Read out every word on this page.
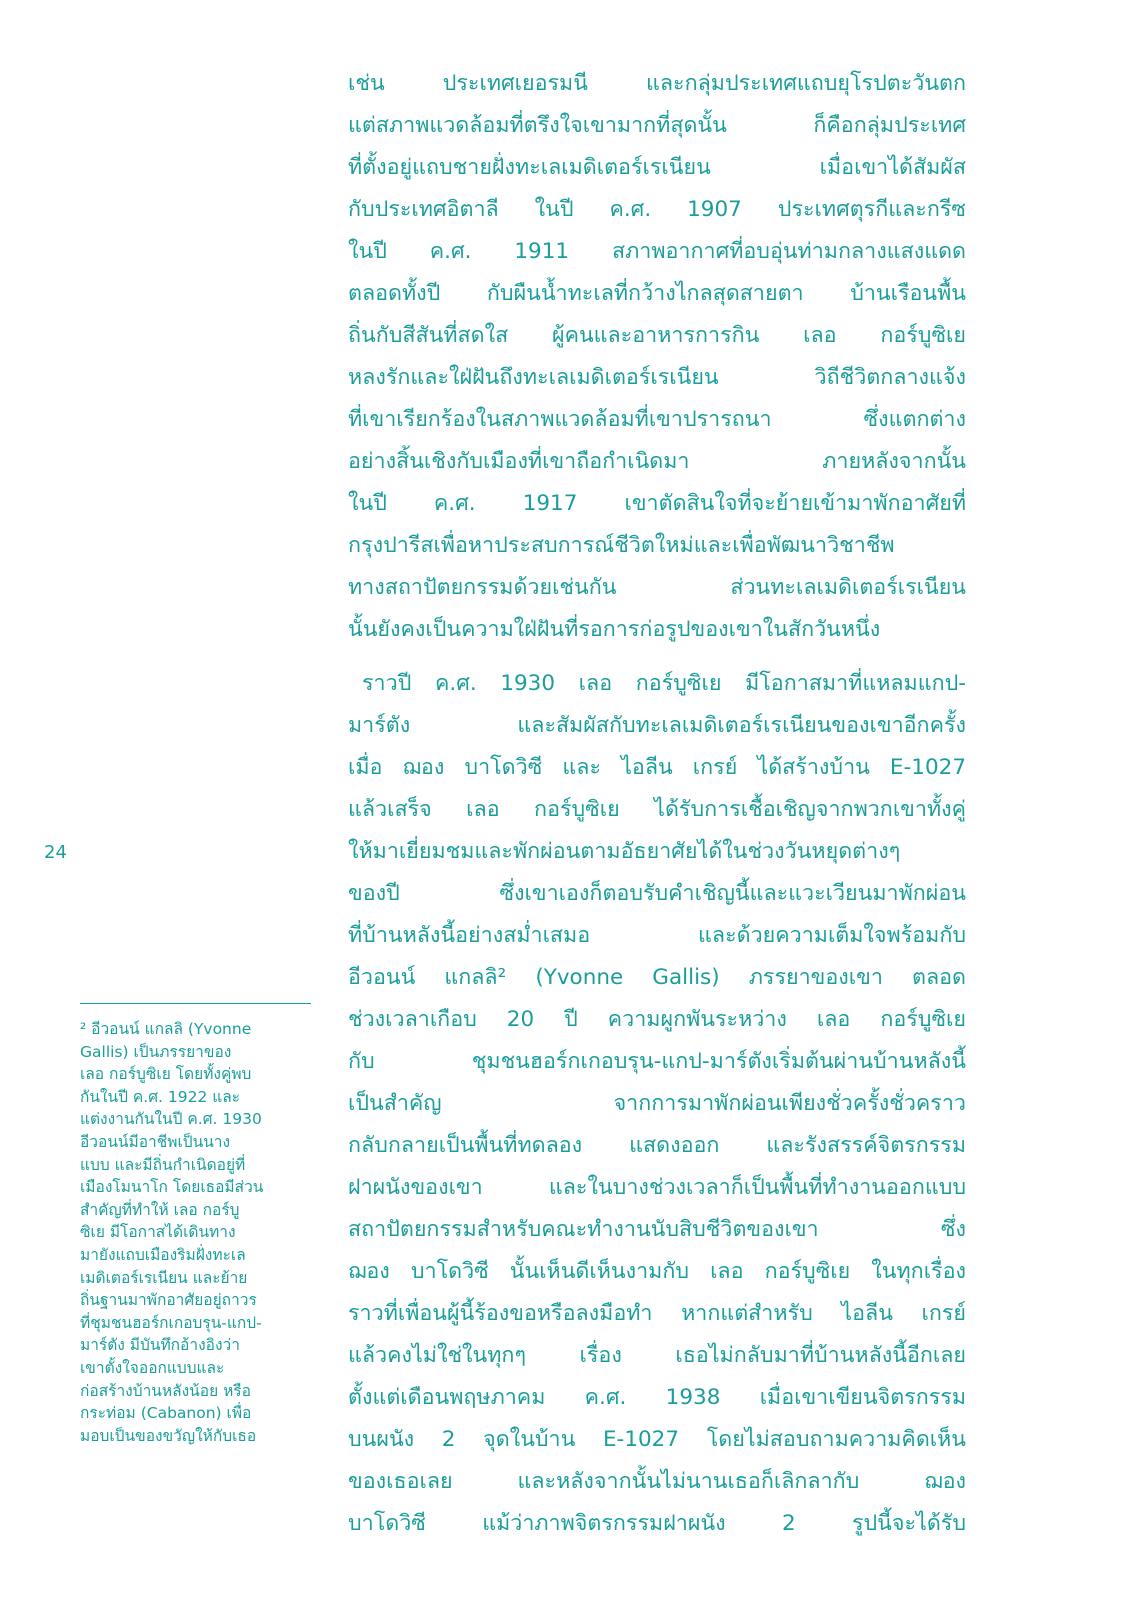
เช่น ประเทศเยอรมนี และกลุ่มประเทศแถบยุโรปตะวันตก
แต่สภาพแวดล้อมที่ตรึงใจเขามากที่สุดนั้น ก็คือกลุ่มประเทศ
ที่ตั้งอยู่แถบชายฝั่งทะเลเมดิเตอร์เรเนียน เมื่อเขาได้สัมผัส
กับประเทศอิตาลี ในปี ค.ศ. 1907 ประเทศตุรกีและกรีซ
ในปี ค.ศ. 1911 สภาพอากาศที่อบอุ่นท่ามกลางแสงแดด
ตลอดทั้งปี กับผืนน้ำทะเลที่กว้างไกลสุดสายตา บ้านเรือนพื้น
ถิ่นกับสีสันที่สดใส ผู้คนและอาหารการกิน เลอ กอร์บูซิเย
หลงรักและใฝ่ฝันถึงทะเลเมดิเตอร์เรเนียน วิถีชีวิตกลางแจ้ง
ที่เขาเรียกร้องในสภาพแวดล้อมที่เขาปรารถนา ซึ่งแตกต่าง
อย่างสิ้นเชิงกับเมืองที่เขาถือกำเนิดมา ภายหลังจากนั้น
ในปี ค.ศ. 1917 เขาตัดสินใจที่จะย้ายเข้ามาพักอาศัยที่
กรุงปารีสเพื่อหาประสบการณ์ชีวิตใหม่และเพื่อพัฒนาวิชาชีพ
ทางสถาปัตยกรรมด้วยเช่นกัน ส่วนทะเลเมดิเตอร์เรเนียน
นั้นยังคงเป็นความใฝ่ฝันที่รอการก่อรูปของเขาในสักวันหนึ่ง
ราวปี ค.ศ. 1930 เลอ กอร์บูซิเย มีโอกาสมาที่แหลมแกป-
มาร์ตัง และสัมผัสกับทะเลเมดิเตอร์เรเนียนของเขาอีกครั้ง
เมื่อ ฌอง บาโดวิซี และ ไอลีน เกรย์ ได้สร้างบ้าน E-1027
แล้วเสร็จ เลอ กอร์บูซิเย ได้รับการเชื้อเชิญจากพวกเขาทั้งคู่
ให้มาเยี่ยมชมและพักผ่อนตามอัธยาศัยได้ในช่วงวันหยุดต่างๆ
ของปี ซึ่งเขาเองก็ตอบรับคำเชิญนี้และแวะเวียนมาพักผ่อน
ที่บ้านหลังนี้อย่างสม่ำเสมอ และด้วยความเต็มใจพร้อมกับ
อีวอนน์ แกลลิ² (Yvonne Gallis) ภรรยาของเขา ตลอด
ช่วงเวลาเกือบ 20 ปี ความผูกพันระหว่าง เลอ กอร์บูซิเย
กับ ชุมชนฮอร์กเกอบรุน-แกป-มาร์ตังเริ่มต้นผ่านบ้านหลังนี้
เป็นสำคัญ จากการมาพักผ่อนเพียงชั่วครั้งชั่วคราว
กลับกลายเป็นพื้นที่ทดลอง แสดงออก และรังสรรค์จิตรกรรม
ฝาผนังของเขา และในบางช่วงเวลาก็เป็นพื้นที่ทำงานออกแบบ
สถาปัตยกรรมสำหรับคณะทำงานนับสิบชีวิตของเขา ซึ่ง
ฌอง บาโดวิซี นั้นเห็นดีเห็นงามกับ เลอ กอร์บูซิเย ในทุกเรื่อง
ราวที่เพื่อนผู้นี้ร้องขอหรือลงมือทำ หากแต่สำหรับ ไอลีน เกรย์
แล้วคงไม่ใช่ในทุกๆ เรื่อง เธอไม่กลับมาที่บ้านหลังนี้อีกเลย
ตั้งแต่เดือนพฤษภาคม ค.ศ. 1938 เมื่อเขาเขียนจิตรกรรม
บนผนัง 2 จุดในบ้าน E-1027 โดยไม่สอบถามความคิดเห็น
ของเธอเลย และหลังจากนั้นไม่นานเธอก็เลิกลากับ ฌอง
บาโดวิซี แม้ว่าภาพจิตรกรรมฝาผนัง 2 รูปนี้จะได้รับ
24
² อีวอนน์ แกลลิ (Yvonne
Gallis) เป็นภรรยาของ
เลอ กอร์บูซิเย โดยทั้งคู่พบ
กันในปี ค.ศ. 1922 และ
แต่งงานกันในปี ค.ศ. 1930
อีวอนน์มีอาชีพเป็นนาง
แบบ และมีถิ่นกำเนิดอยู่ที่
เมืองโมนาโก โดยเธอมีส่วน
สำคัญที่ทำให้ เลอ กอร์บู
ซิเย มีโอกาสได้เดินทาง
มายังแถบเมืองริมฝั่งทะเล
เมดิเตอร์เรเนียน และย้าย
ถิ่นฐานมาพักอาศัยอยู่ถาวร
ที่ชุมชนฮอร์กเกอบรุน-แกป-
มาร์ตัง มีบันทึกอ้างอิงว่า
เขาตั้งใจออกแบบและ
ก่อสร้างบ้านหลังน้อย หรือ
กระท่อม (Cabanon) เพื่อ
มอบเป็นของขวัญให้กับเธอ
